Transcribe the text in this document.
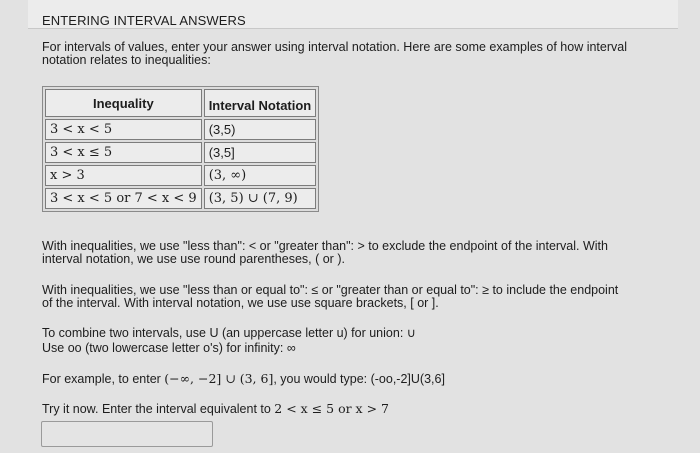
ENTERING INTERVAL ANSWERS
For intervals of values, enter your answer using interval notation. Here are some examples of how interval
notation relates to inequalities:
Inequality	Interval Notation
3 < x < 5	(3,5)
3 < x ≤ 5	(3,5]
x > 3	(3, ∞)
3 < x < 5 or 7 < x < 9	(3, 5) ∪ (7, 9)
With inequalities, we use "less than": < or "greater than": > to exclude the endpoint of the interval. With
interval notation, we use use round parentheses, ( or ).
With inequalities, we use "less than or equal to": ≤ or "greater than or equal to": ≥ to include the endpoint
of the interval. With interval notation, we use use square brackets, [ or ].
To combine two intervals, use U (an uppercase letter u) for union: ∪
Use oo (two lowercase letter o's) for infinity: ∞
For example, to enter (−∞, −2] ∪ (3, 6], you would type: (-oo,-2]U(3,6]
Try it now. Enter the interval equivalent to 2 < x ≤ 5 or x > 7
